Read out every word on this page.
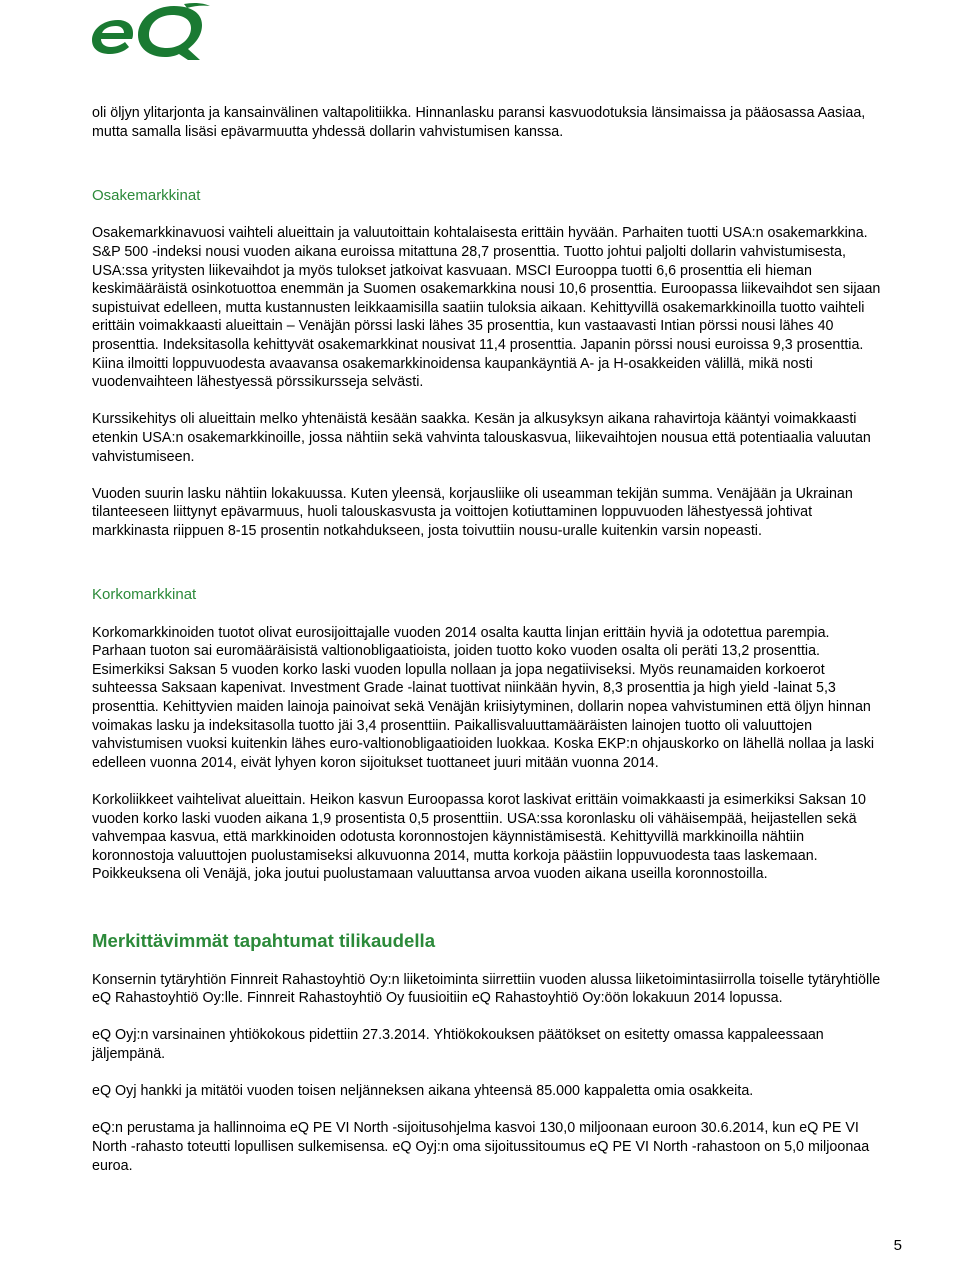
oli öljyn ylitarjonta ja kansainvälinen valtapolitiikka. Hinnanlasku paransi kasvuodotuksia länsimaissa ja pääosassa Aasiaa, mutta samalla lisäsi epävarmuutta yhdessä dollarin vahvistumisen kanssa.

Osakemarkkinat

Osakemarkkinavuosi vaihteli alueittain ja valuutoittain kohtalaisesta erittäin hyvään. Parhaiten tuotti USA:n osakemarkkina. S&P 500 -indeksi nousi vuoden aikana euroissa mitattuna 28,7 prosenttia. Tuotto johtui paljolti dollarin vahvistumisesta, USA:ssa yritysten liikevaihdot ja myös tulokset jatkoivat kasvuaan. MSCI Eurooppa tuotti 6,6 prosenttia eli hieman keskimääräistä osinkotuottoa enemmän ja Suomen osakemarkkina nousi 10,6 prosenttia. Euroopassa liikevaihdot sen sijaan supistuivat edelleen, mutta kustannusten leikkaamisilla saatiin tuloksia aikaan. Kehittyvillä osakemarkkinoilla tuotto vaihteli erittäin voimakkaasti alueittain – Venäjän pörssi laski lähes 35 prosenttia, kun vastaavasti Intian pörssi nousi lähes 40 prosenttia. Indeksitasolla kehittyvät osakemarkkinat nousivat 11,4 prosenttia. Japanin pörssi nousi euroissa 9,3 prosenttia. Kiina ilmoitti loppuvuodesta avaavansa osakemarkkinoidensa kaupankäyntiä A- ja H-osakkeiden välillä, mikä nosti vuodenvaihteen lähestyessä pörssikursseja selvästi.

Kurssikehitys oli alueittain melko yhtenäistä kesään saakka. Kesän ja alkusyksyn aikana rahavirtoja kääntyi voimakkaasti etenkin USA:n osakemarkkinoille, jossa nähtiin sekä vahvinta talouskasvua, liikevaihtojen nousua että potentiaalia valuutan vahvistumiseen.

Vuoden suurin lasku nähtiin lokakuussa. Kuten yleensä, korjausliike oli useamman tekijän summa. Venäjään ja Ukrainan tilanteeseen liittynyt epävarmuus, huoli talouskasvusta ja voittojen kotiuttaminen loppuvuoden lähestyessä johtivat markkinasta riippuen 8-15 prosentin notkahdukseen, josta toivuttiin nousu-uralle kuitenkin varsin nopeasti.

Korkomarkkinat

Korkomarkkinoiden tuotot olivat eurosijoittajalle vuoden 2014 osalta kautta linjan erittäin hyviä ja odotettua parempia. Parhaan tuoton sai euromääräisistä valtionobligaatioista, joiden tuotto koko vuoden osalta oli peräti 13,2 prosenttia. Esimerkiksi Saksan 5 vuoden korko laski vuoden lopulla nollaan ja jopa negatiiviseksi. Myös reunamaiden korkoerot suhteessa Saksaan kapenivat. Investment Grade -lainat tuottivat niinkään hyvin, 8,3 prosenttia ja high yield -lainat 5,3 prosenttia. Kehittyvien maiden lainoja painoivat sekä Venäjän kriisiytyminen, dollarin nopea vahvistuminen että öljyn hinnan voimakas lasku ja indeksitasolla tuotto jäi 3,4 prosenttiin. Paikallisvaluuttamääräisten lainojen tuotto oli valuuttojen vahvistumisen vuoksi kuitenkin lähes euro-valtionobligaatioiden luokkaa. Koska EKP:n ohjauskorko on lähellä nollaa ja laski edelleen vuonna 2014, eivät lyhyen koron sijoitukset tuottaneet juuri mitään vuonna 2014.

Korkoliikkeet vaihtelivat alueittain. Heikon kasvun Euroopassa korot laskivat erittäin voimakkaasti ja esimerkiksi Saksan 10 vuoden korko laski vuoden aikana 1,9 prosentista 0,5 prosenttiin. USA:ssa koronlasku oli vähäisempää, heijastellen sekä vahvempaa kasvua, että markkinoiden odotusta koronnostojen käynnistämisestä. Kehittyvillä markkinoilla nähtiin koronnostoja valuuttojen puolustamiseksi alkuvuonna 2014, mutta korkoja päästiin loppuvuodesta taas laskemaan. Poikkeuksena oli Venäjä, joka joutui puolustamaan valuuttansa arvoa vuoden aikana useilla koronnostoilla.

Merkittävimmät tapahtumat tilikaudella

Konsernin tytäryhtiön Finnreit Rahastoyhtiö Oy:n liiketoiminta siirrettiin vuoden alussa liiketoimintasiirrolla toiselle tytäryhtiölle eQ Rahastoyhtiö Oy:lle. Finnreit Rahastoyhtiö Oy fuusioitiin eQ Rahastoyhtiö Oy:öön lokakuun 2014 lopussa.

eQ Oyj:n varsinainen yhtiökokous pidettiin 27.3.2014. Yhtiökokouksen päätökset on esitetty omassa kappaleessaan jäljempänä.

eQ Oyj hankki ja mitätöi vuoden toisen neljänneksen aikana yhteensä 85.000 kappaletta omia osakkeita.

eQ:n perustama ja hallinnoima eQ PE VI North -sijoitusohjelma kasvoi 130,0 miljoonaan euroon 30.6.2014, kun eQ PE VI North -rahasto toteutti lopullisen sulkemisensa. eQ Oyj:n oma sijoitussitoumus eQ PE VI North -rahastoon on 5,0 miljoonaa euroa.

5
